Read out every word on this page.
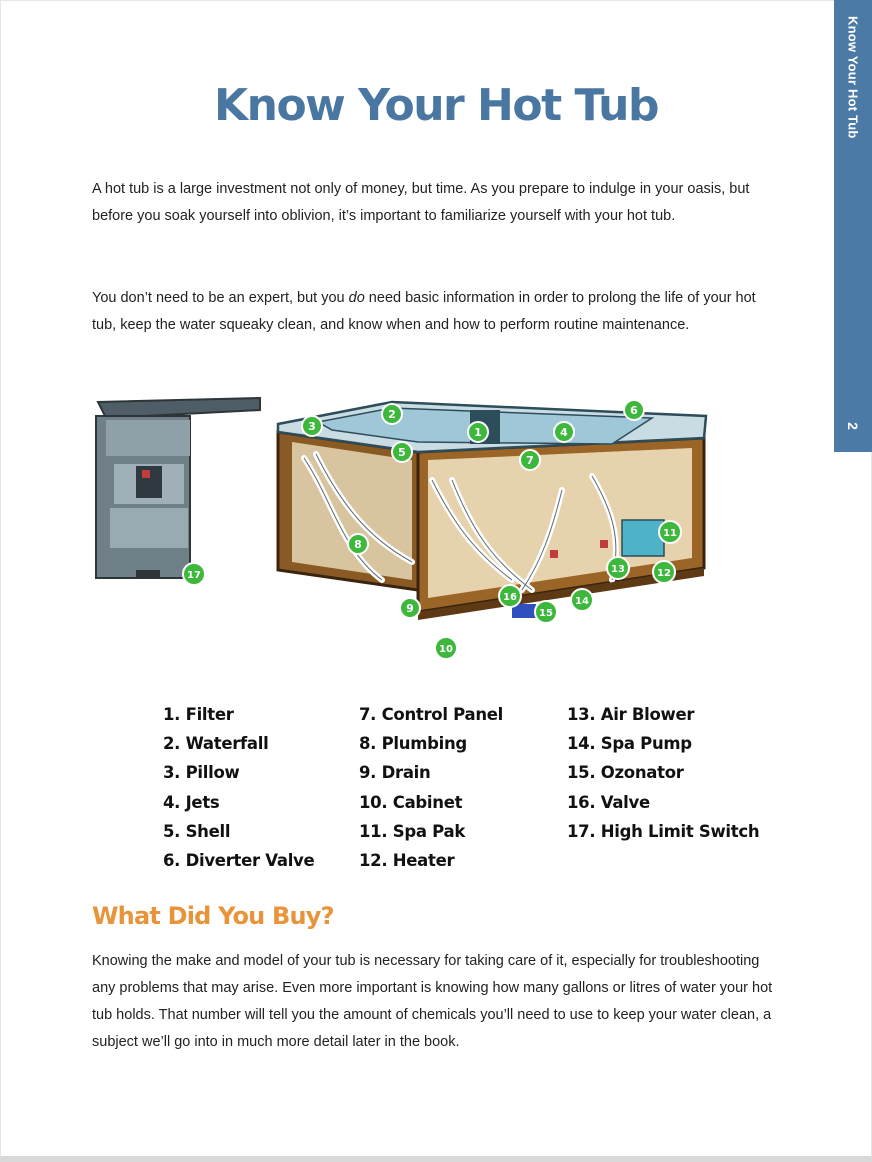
Know Your Hot Tub
2
Know Your Hot Tub

A hot tub is a large investment not only of money, but time. As you prepare to indulge in your oasis, but before you soak yourself into oblivion, it’s important to familiarize yourself with your hot tub.

You don’t need to be an expert, but you do need basic information in order to prolong the life of your hot tub, keep the water squeaky clean, and know when and how to perform routine maintenance.

1
2
3	4
5
6
7
8
9
10
11
12
13
14
15
16
17
1. Filter
2. Waterfall
3. Pillow
4. Jets
5. Shell
6. Diverter Valve
7. Control Panel
8. Plumbing
9. Drain
10. Cabinet
11. Spa Pak
12. Heater
13. Air Blower
14. Spa Pump
15. Ozonator
16. Valve
17. High Limit Switch
What Did You Buy?

Knowing the make and model of your tub is necessary for taking care of it, especially for troubleshooting any problems that may arise. Even more important is knowing how many gallons or litres of water your hot tub holds. That number will tell you the amount of chemicals you’ll need to use to keep your water clean, a subject we’ll go into in much more detail later in the book.
